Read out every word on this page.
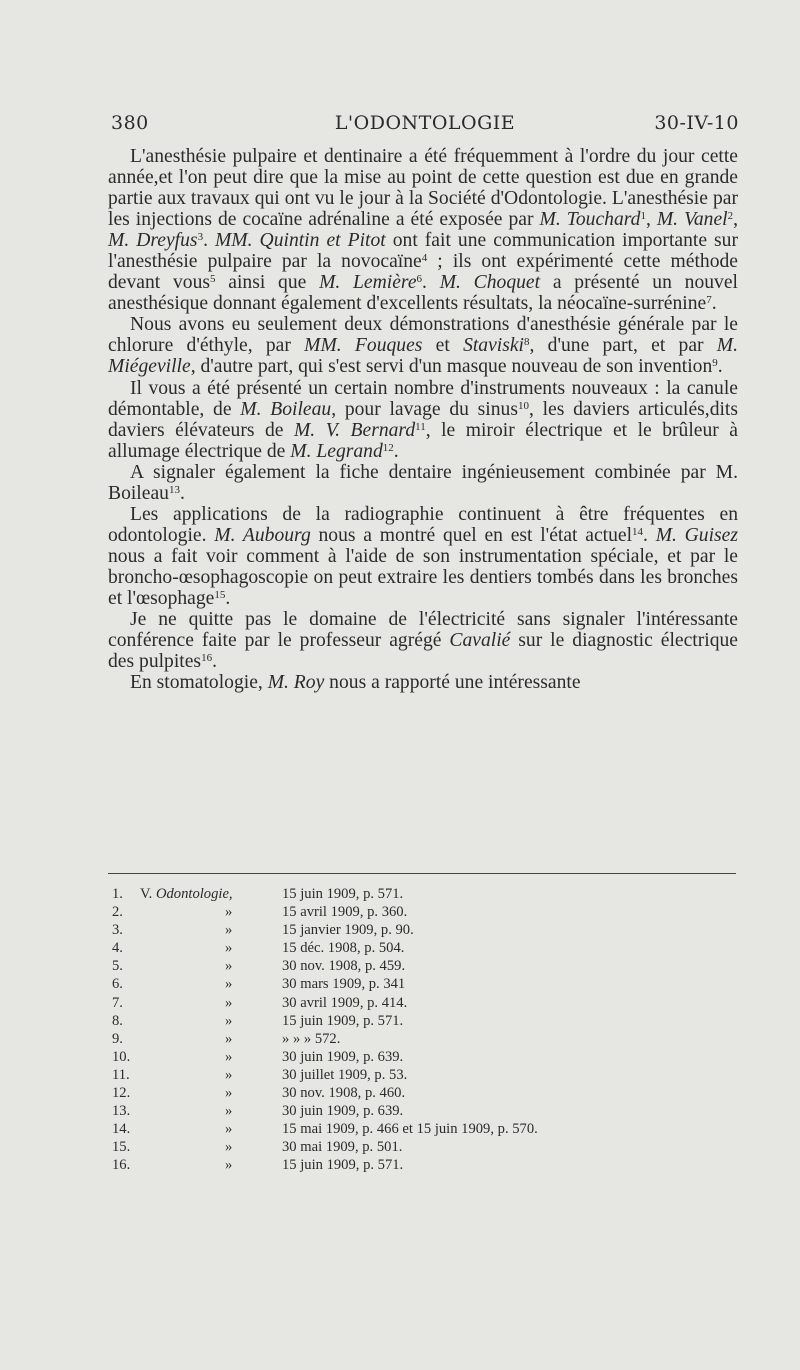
380	L'ODONTOLOGIE	30-IV-10

L'anesthésie pulpaire et dentinaire a été fréquemment à l'ordre du jour cette année,et l'on peut dire que la mise au point de cette question est due en grande partie aux travaux qui ont vu le jour à la Société d'Odontologie. L'anesthésie par les injections de cocaïne adrénaline a été exposée par M. Touchard$^1$, M. Vanel$^2$, M. Dreyfus$^3$. MM. Quintin et Pitot ont fait une communication importante sur l'anesthésie pulpaire par la novocaïne$^4$ ; ils ont expérimenté cette méthode devant vous$^5$ ainsi que M. Lemière$^6$. M. Choquet a présenté un nouvel anesthésique donnant également d'excellents résultats, la néocaïne-surrénine$^7$.

Nous avons eu seulement deux démonstrations d'anesthésie générale par le chlorure d'éthyle, par MM. Fouques et Staviski$^8$, d'une part, et par M. Miégeville, d'autre part, qui s'est servi d'un masque nouveau de son invention$^9$.

Il vous a été présenté un certain nombre d'instruments nouveaux : la canule démontable, de M. Boileau, pour lavage du sinus$^{10}$, les daviers articulés,dits daviers élévateurs de M. V. Bernard$^{11}$, le miroir électrique et le brûleur à allumage électrique de M. Legrand$^{12}$.

A signaler également la fiche dentaire ingénieusement combinée par M. Boileau$^{13}$.

Les applications de la radiographie continuent à être fréquentes en odontologie. M. Aubourg nous a montré quel en est l'état actuel$^{14}$. M. Guisez nous a fait voir comment à l'aide de son instrumentation spéciale, et par le broncho-œsophagoscopie on peut extraire les dentiers tombés dans les bronches et l'œsophage$^{15}$.

Je ne quitte pas le domaine de l'électricité sans signaler l'intéressante conférence faite par le professeur agrégé Cavalié sur le diagnostic électrique des pulpites$^{16}$.

En stomatologie, M. Roy nous a rapporté une intéressante

1.	V. Odontologie,	15 juin 1909, p. 571.
2.	»	15 avril 1909, p. 360.
3.	»	15 janvier 1909, p. 90.
4.	»	15 déc. 1908, p. 504.
5.	»	30 nov. 1908, p. 459.
6.	»	30 mars 1909, p. 341
7.	»	30 avril 1909, p. 414.
8.	»	15 juin 1909, p. 571.
9.	»	» » » 572.
10.	»	30 juin 1909, p. 639.
11.	»	30 juillet 1909, p. 53.
12.	»	30 nov. 1908, p. 460.
13.	»	30 juin 1909, p. 639.
14.	»	15 mai 1909, p. 466 et 15 juin 1909, p. 570.
15.	»	30 mai 1909, p. 501.
16.	»	15 juin 1909, p. 571.
